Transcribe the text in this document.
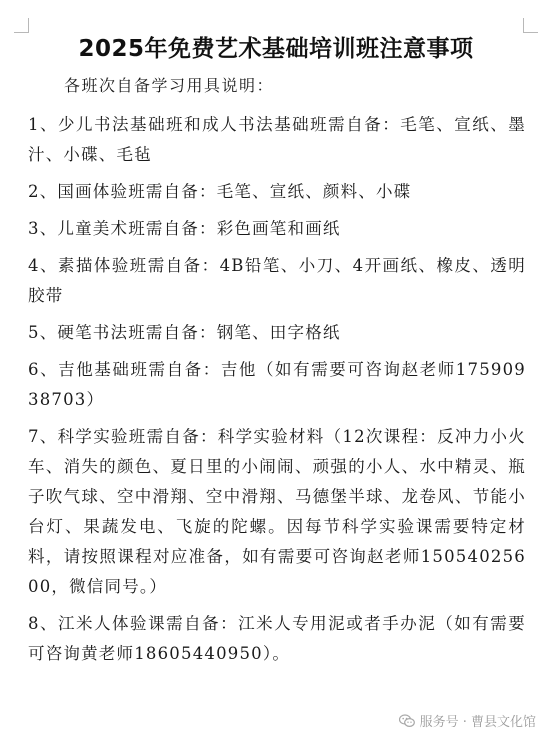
2025年免费艺术基础培训班注意事项
各班次自备学习用具说明：
1、少儿书法基础班和成人书法基础班需自备：毛笔、宣纸、墨汁、小碟、毛毡
2、国画体验班需自备：毛笔、宣纸、颜料、小碟
3、儿童美术班需自备：彩色画笔和画纸
4、素描体验班需自备：4B铅笔、小刀、4开画纸、橡皮、透明胶带
5、硬笔书法班需自备：钢笔、田字格纸
6、吉他基础班需自备：吉他（如有需要可咨询赵老师17590938703）
7、科学实验班需自备：科学实验材料（12次课程：反冲力小火车、消失的颜色、夏日里的小闹闹、顽强的小人、水中精灵、瓶子吹气球、空中滑翔、空中滑翔、马德堡半球、龙卷风、节能小台灯、果蔬发电、飞旋的陀螺。因每节科学实验课需要特定材料，请按照课程对应准备，如有需要可咨询赵老师15054025600，微信同号。）
8、江米人体验课需自备：江米人专用泥或者手办泥（如有需要可咨询黄老师18605440950）。
服务号 · 曹县文化馆
